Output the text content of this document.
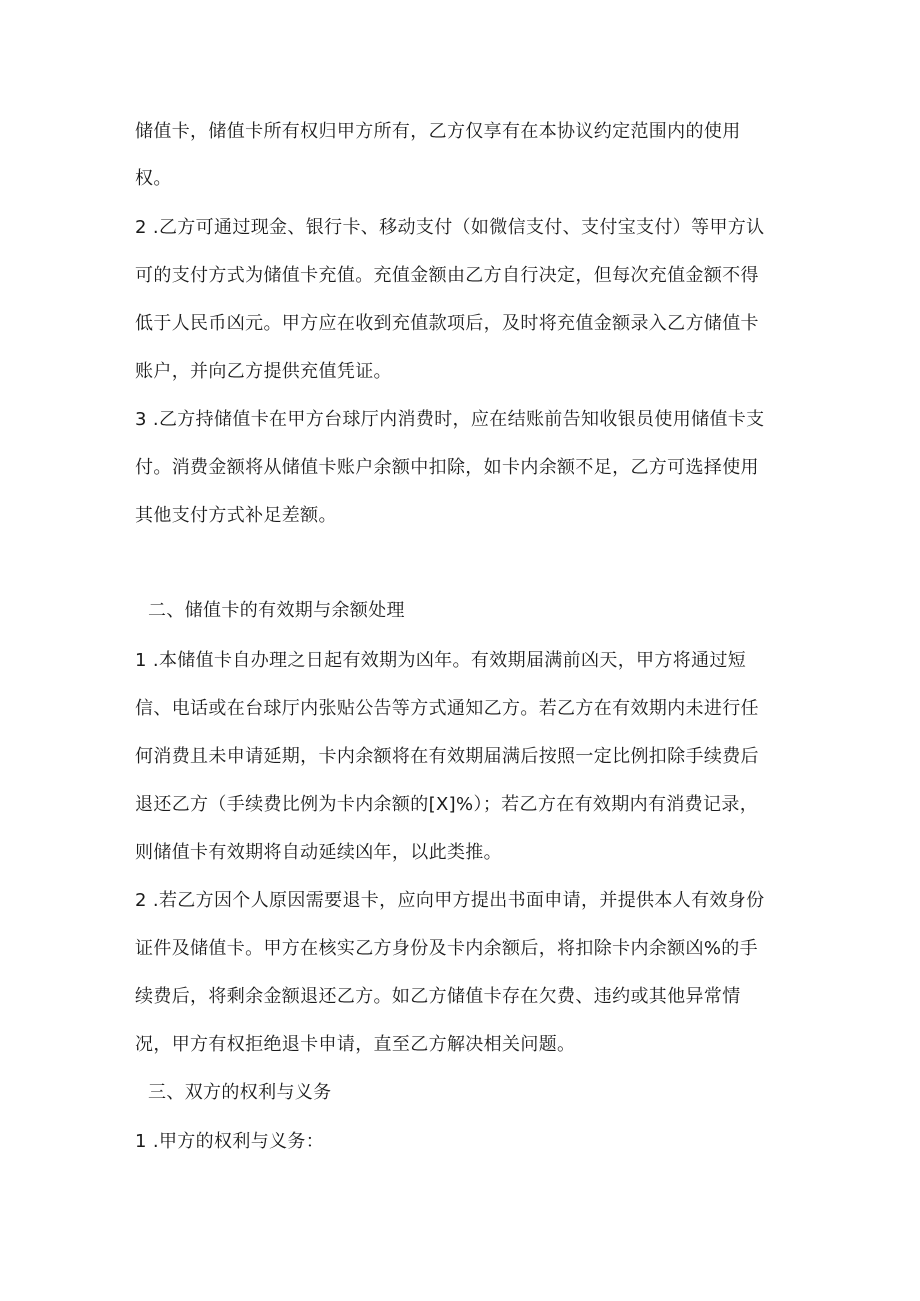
储值卡，储值卡所有权归甲方所有，乙方仅享有在本协议约定范围内的使用
权。
2 .乙方可通过现金、银行卡、移动支付（如微信支付、支付宝支付）等甲方认
可的支付方式为储值卡充值。充值金额由乙方自行决定，但每次充值金额不得
低于人民币凶元。甲方应在收到充值款项后，及时将充值金额录入乙方储值卡
账户，并向乙方提供充值凭证。
3 .乙方持储值卡在甲方台球厅内消费时，应在结账前告知收银员使用储值卡支
付。消费金额将从储值卡账户余额中扣除，如卡内余额不足，乙方可选择使用
其他支付方式补足差额。
二、储值卡的有效期与余额处理
1 .本储值卡自办理之日起有效期为凶年。有效期届满前凶天，甲方将通过短
信、电话或在台球厅内张贴公告等方式通知乙方。若乙方在有效期内未进行任
何消费且未申请延期，卡内余额将在有效期届满后按照一定比例扣除手续费后
退还乙方（手续费比例为卡内余额的[X]%）；若乙方在有效期内有消费记录，
则储值卡有效期将自动延续凶年，以此类推。
2 .若乙方因个人原因需要退卡，应向甲方提出书面申请，并提供本人有效身份
证件及储值卡。甲方在核实乙方身份及卡内余额后，将扣除卡内余额凶%的手
续费后，将剩余金额退还乙方。如乙方储值卡存在欠费、违约或其他异常情
况，甲方有权拒绝退卡申请，直至乙方解决相关问题。
三、双方的权利与义务
1 .甲方的权利与义务：
